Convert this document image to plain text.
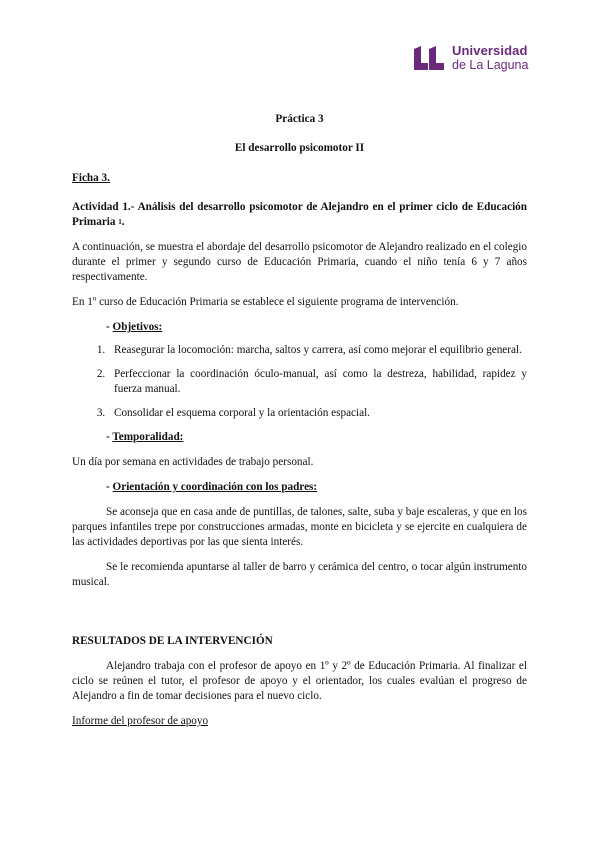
Universidad
de La Laguna

Práctica 3

El desarrollo psicomotor II

Ficha 3.

Actividad 1.- Análisis del desarrollo psicomotor de Alejandro en el primer ciclo de Educación Primaria $^1$.

A continuación, se muestra el abordaje del desarrollo psicomotor de Alejandro realizado en el colegio durante el primer y segundo curso de Educación Primaria, cuando el niño tenía 6 y 7 años respectivamente.

En 1º curso de Educación Primaria se establece el siguiente programa de intervención.

- Objetivos:

1. Reasegurar la locomoción: marcha, saltos y carrera, así como mejorar el equilibrio general.
2. Perfeccionar la coordinación óculo-manual, así como la destreza, habilidad, rapidez y fuerza manual.
3. Consolidar el esquema corporal y la orientación espacial.

- Temporalidad:

Un día por semana en actividades de trabajo personal.

- Orientación y coordinación con los padres:

Se aconseja que en casa ande de puntillas, de talones, salte, suba y baje escaleras, y que en los parques infantiles trepe por construcciones armadas, monte en bicicleta y se ejercite en cualquiera de las actividades deportivas por las que sienta interés.

Se le recomienda apuntarse al taller de barro y cerámica del centro, o tocar algún instrumento musical.

RESULTADOS DE LA INTERVENCIÓN

Alejandro trabaja con el profesor de apoyo en 1º y 2º de Educación Primaria. Al finalizar el ciclo se reúnen el tutor, el profesor de apoyo y el orientador, los cuales evalúan el progreso de Alejandro a fin de tomar decisiones para el nuevo ciclo.

Informe del profesor de apoyo
